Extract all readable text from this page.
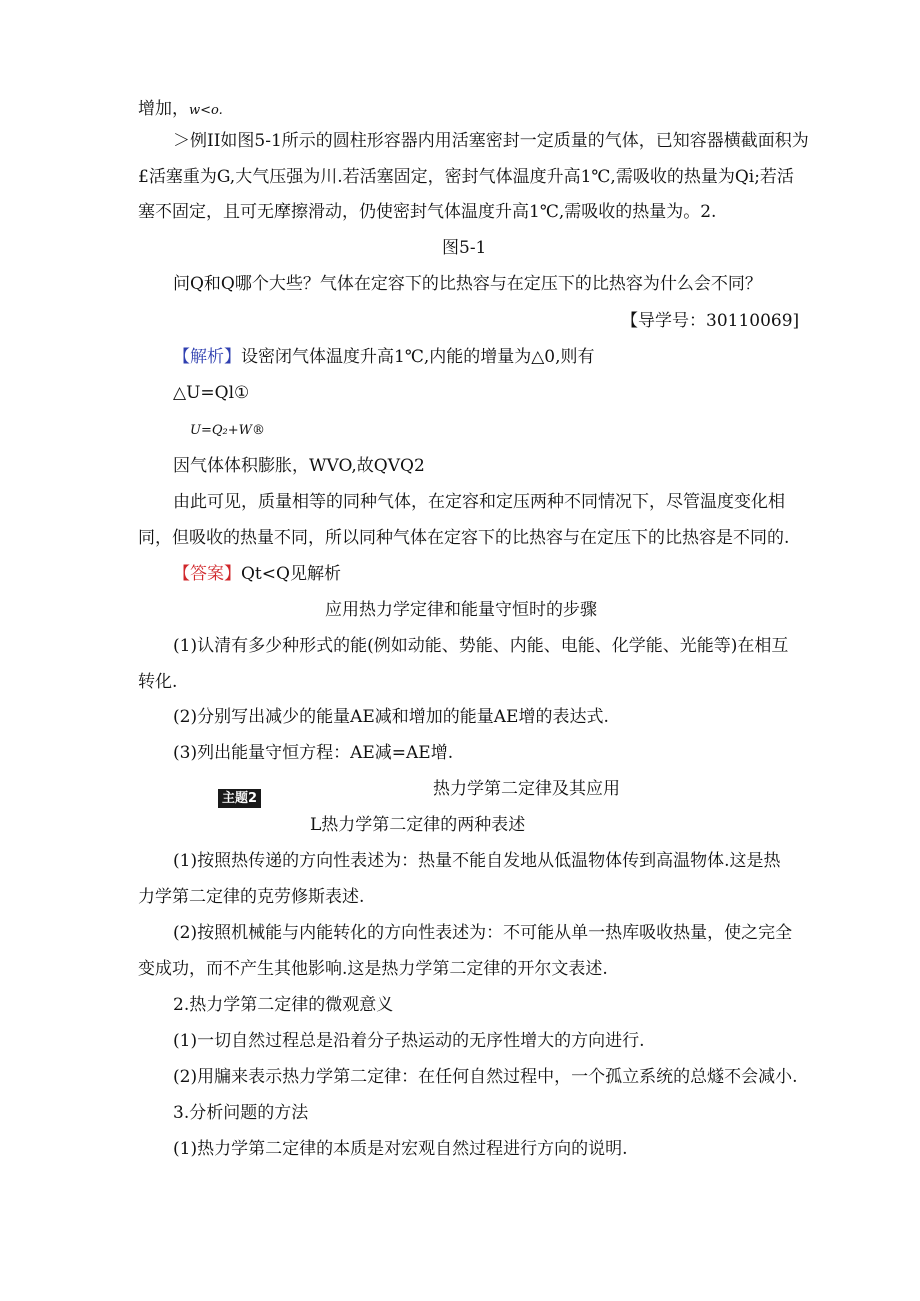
增加，w<o.
＞例II如图5-1所示的圆柱形容器内用活塞密封一定质量的气体，已知容器横截面积为
£活塞重为G,大气压强为川.若活塞固定，密封气体温度升高1℃,需吸收的热量为Qi;若活
塞不固定，且可无摩擦滑动，仍使密封气体温度升高1℃,需吸收的热量为。2.
图5-1
问Q和Q哪个大些？气体在定容下的比热容与在定压下的比热容为什么会不同？
【导学号：30110069]
【解析】设密闭气体温度升高1℃,内能的增量为△0,则有
△U=Ql①
U=Q₂+W®
因气体体积膨胀，WVO,故QVQ2
由此可见，质量相等的同种气体，在定容和定压两种不同情况下，尽管温度变化相
同，但吸收的热量不同，所以同种气体在定容下的比热容与在定压下的比热容是不同的.
【答案】Qt<Q见解析
应用热力学定律和能量守恒时的步骤
(1)认清有多少种形式的能(例如动能、势能、内能、电能、化学能、光能等)在相互
转化.
(2)分别写出减少的能量AE减和增加的能量AE增的表达式.
(3)列出能量守恒方程：AE减=AE增.
主题2	热力学第二定律及其应用
L热力学第二定律的两种表述
(1)按照热传递的方向性表述为：热量不能自发地从低温物体传到高温物体.这是热
力学第二定律的克劳修斯表述.
(2)按照机械能与内能转化的方向性表述为：不可能从单一热库吸收热量，使之完全
变成功，而不产生其他影响.这是热力学第二定律的开尔文表述.
2.热力学第二定律的微观意义
(1)一切自然过程总是沿着分子热运动的无序性增大的方向进行.
(2)用牖来表示热力学第二定律：在任何自然过程中，一个孤立系统的总燧不会减小.
3.分析问题的方法
(1)热力学第二定律的本质是对宏观自然过程进行方向的说明.
